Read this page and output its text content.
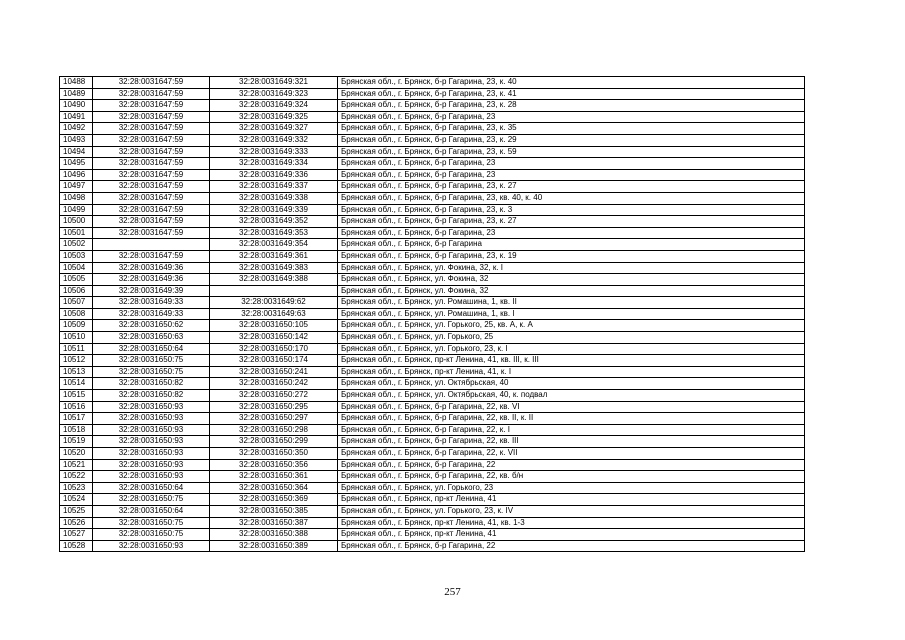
10488	32:28:0031647:59	32:28:0031649:321	Брянская обл., г. Брянск, б-р Гагарина, 23, к. 40
10489	32:28:0031647:59	32:28:0031649:323	Брянская обл., г. Брянск, б-р Гагарина, 23, к. 41
10490	32:28:0031647:59	32:28:0031649:324	Брянская обл., г. Брянск, б-р Гагарина, 23, к. 28
10491	32:28:0031647:59	32:28:0031649:325	Брянская обл., г. Брянск, б-р Гагарина, 23
10492	32:28:0031647:59	32:28:0031649:327	Брянская обл., г. Брянск, б-р Гагарина, 23, к. 35
10493	32:28:0031647:59	32:28:0031649:332	Брянская обл., г. Брянск, б-р Гагарина, 23, к. 29
10494	32:28:0031647:59	32:28:0031649:333	Брянская обл., г. Брянск, б-р Гагарина, 23, к. 59
10495	32:28:0031647:59	32:28:0031649:334	Брянская обл., г. Брянск, б-р Гагарина, 23
10496	32:28:0031647:59	32:28:0031649:336	Брянская обл., г. Брянск, б-р Гагарина, 23
10497	32:28:0031647:59	32:28:0031649:337	Брянская обл., г. Брянск, б-р Гагарина, 23, к. 27
10498	32:28:0031647:59	32:28:0031649:338	Брянская обл., г. Брянск, б-р Гагарина, 23, кв. 40, к. 40
10499	32:28:0031647:59	32:28:0031649:339	Брянская обл., г. Брянск, б-р Гагарина, 23, к. 3
10500	32:28:0031647:59	32:28:0031649:352	Брянская обл., г. Брянск, б-р Гагарина, 23, к. 27
10501	32:28:0031647:59	32:28:0031649:353	Брянская обл., г. Брянск, б-р Гагарина, 23
10502		32:28:0031649:354	Брянская обл., г. Брянск, б-р Гагарина
10503	32:28:0031647:59	32:28:0031649:361	Брянская обл., г. Брянск, б-р Гагарина, 23, к. 19
10504	32:28:0031649:36	32:28:0031649:383	Брянская обл., г. Брянск, ул. Фокина, 32, к. I
10505	32:28:0031649:36	32:28:0031649:388	Брянская обл., г. Брянск, ул. Фокина, 32
10506	32:28:0031649:39		Брянская обл., г. Брянск, ул. Фокина, 32
10507	32:28:0031649:33	32:28:0031649:62	Брянская обл., г. Брянск, ул. Ромашина, 1, кв. II
10508	32:28:0031649:33	32:28:0031649:63	Брянская обл., г. Брянск, ул. Ромашина, 1, кв. I
10509	32:28:0031650:62	32:28:0031650:105	Брянская обл., г. Брянск, ул. Горького, 25, кв. А, к. А
10510	32:28:0031650:63	32:28:0031650:142	Брянская обл., г. Брянск, ул. Горького, 25
10511	32:28:0031650:64	32:28:0031650:170	Брянская обл., г. Брянск, ул. Горького, 23, к. I
10512	32:28:0031650:75	32:28:0031650:174	Брянская обл., г. Брянск, пр-кт Ленина, 41, кв. III, к. III
10513	32:28:0031650:75	32:28:0031650:241	Брянская обл., г. Брянск, пр-кт Ленина, 41, к. I
10514	32:28:0031650:82	32:28:0031650:242	Брянская обл., г. Брянск, ул. Октябрьская, 40
10515	32:28:0031650:82	32:28:0031650:272	Брянская обл., г. Брянск, ул. Октябрьская, 40, к. подвал
10516	32:28:0031650:93	32:28:0031650:295	Брянская обл., г. Брянск, б-р Гагарина, 22, кв. VI
10517	32:28:0031650:93	32:28:0031650:297	Брянская обл., г. Брянск, б-р Гагарина, 22, кв. II, к. II
10518	32:28:0031650:93	32:28:0031650:298	Брянская обл., г. Брянск, б-р Гагарина, 22, к. I
10519	32:28:0031650:93	32:28:0031650:299	Брянская обл., г. Брянск, б-р Гагарина, 22, кв. III
10520	32:28:0031650:93	32:28:0031650:350	Брянская обл., г. Брянск, б-р Гагарина, 22, к. VII
10521	32:28:0031650:93	32:28:0031650:356	Брянская обл., г. Брянск, б-р Гагарина, 22
10522	32:28:0031650:93	32:28:0031650:361	Брянская обл., г. Брянск, б-р Гагарина, 22, кв. б/н
10523	32:28:0031650:64	32:28:0031650:364	Брянская обл., г. Брянск, ул. Горького, 23
10524	32:28:0031650:75	32:28:0031650:369	Брянская обл., г. Брянск, пр-кт Ленина, 41
10525	32:28:0031650:64	32:28:0031650:385	Брянская обл., г. Брянск, ул. Горького, 23, к. IV
10526	32:28:0031650:75	32:28:0031650:387	Брянская обл., г. Брянск, пр-кт Ленина, 41, кв. 1-3
10527	32:28:0031650:75	32:28:0031650:388	Брянская обл., г. Брянск, пр-кт Ленина, 41
10528	32:28:0031650:93	32:28:0031650:389	Брянская обл., г. Брянск, б-р Гагарина, 22
257
